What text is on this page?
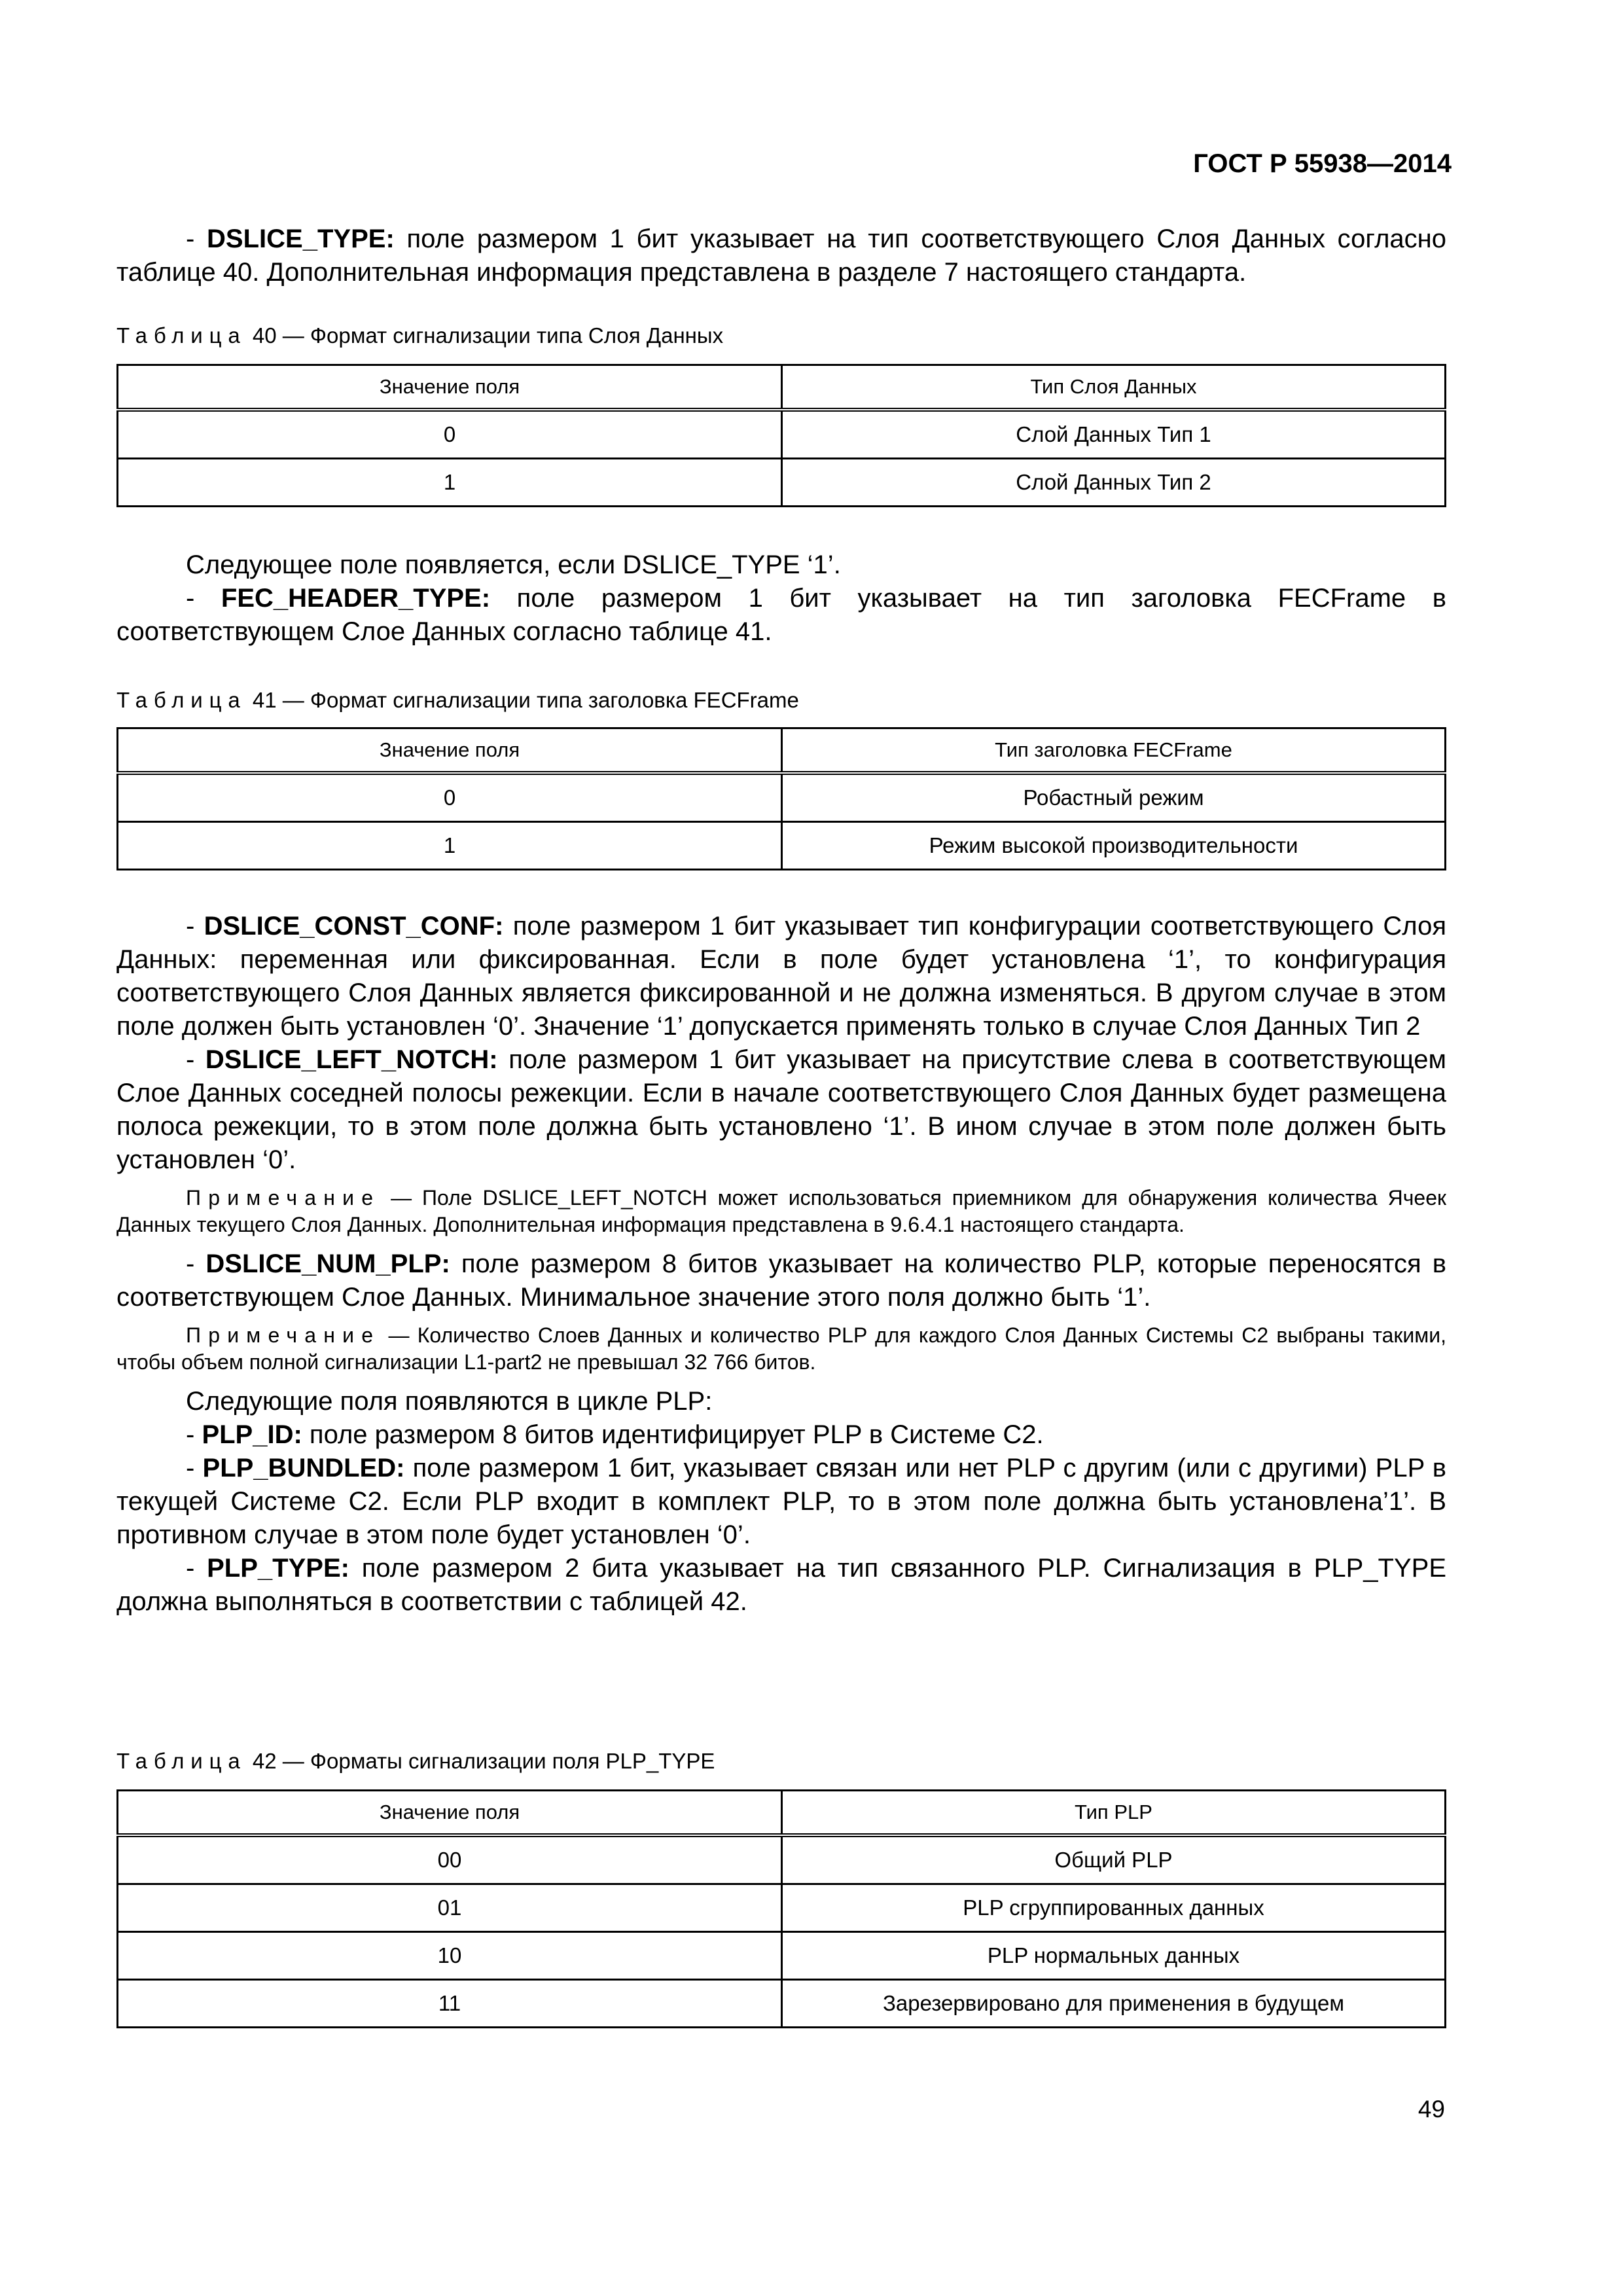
ГОСТ Р 55938—2014

- DSLICE_TYPE: поле размером 1 бит указывает на тип соответствующего Слоя Данных согласно таблице 40. Дополнительная информация представлена в разделе 7 настоящего стандарта.

Таблица 40 — Формат сигнализации типа Слоя Данных

Значение поля	Тип Слоя Данных
0	Слой Данных Тип 1
1	Слой Данных Тип 2

Следующее поле появляется, если DSLICE_TYPE ‘1’.

- FEC_HEADER_TYPE: поле размером 1 бит указывает на тип заголовка FECFrame в соответствующем Слое Данных согласно таблице 41.

Таблица 41 — Формат сигнализации типа заголовка FECFrame

Значение поля	Тип заголовка FECFrame
0	Робастный режим
1	Режим высокой производительности

- DSLICE_CONST_CONF: поле размером 1 бит указывает тип конфигурации соответствующего Слоя Данных: переменная или фиксированная. Если в поле будет установлена ‘1’, то конфигурация соответствующего Слоя Данных является фиксированной и не должна изменяться. В другом случае в этом поле должен быть установлен ‘0’. Значение ‘1’ допускается применять только в случае Слоя Данных Тип 2

- DSLICE_LEFT_NOTCH: поле размером 1 бит указывает на присутствие слева в соответствующем Слое Данных соседней полосы режекции. Если в начале соответствующего Слоя Данных будет размещена полоса режекции, то в этом поле должна быть установлено ‘1’. В ином случае в этом поле должен быть установлен ‘0’.

Примечание — Поле DSLICE_LEFT_NOTCH может использоваться приемником для обнаружения количества Ячеек Данных текущего Слоя Данных. Дополнительная информация представлена в 9.6.4.1 настоящего стандарта.

- DSLICE_NUM_PLP: поле размером 8 битов указывает на количество PLP, которые переносятся в соответствующем Слое Данных. Минимальное значение этого поля должно быть ‘1’.

Примечание — Количество Слоев Данных и количество PLP для каждого Слоя Данных Системы С2 выбраны такими, чтобы объем полной сигнализации L1-part2 не превышал 32 766 битов.

Следующие поля появляются в цикле PLP:

- PLP_ID: поле размером 8 битов идентифицирует PLP в Системе С2.

- PLP_BUNDLED: поле размером 1 бит, указывает связан или нет PLP с другим (или с другими) PLP в текущей Системе С2. Если PLP входит в комплект PLP, то в этом поле должна быть установлена’1’. В противном случае в этом поле будет установлен ‘0’.

- PLP_TYPE: поле размером 2 бита указывает на тип связанного PLP. Сигнализация в PLP_TYPE должна выполняться в соответствии с таблицей 42.

Таблица 42 — Форматы сигнализации поля PLP_TYPE

Значение поля	Тип PLP
00	Общий PLP
01	PLP сгруппированных данных
10	PLP нормальных данных
11	Зарезервировано для применения в будущем
49
